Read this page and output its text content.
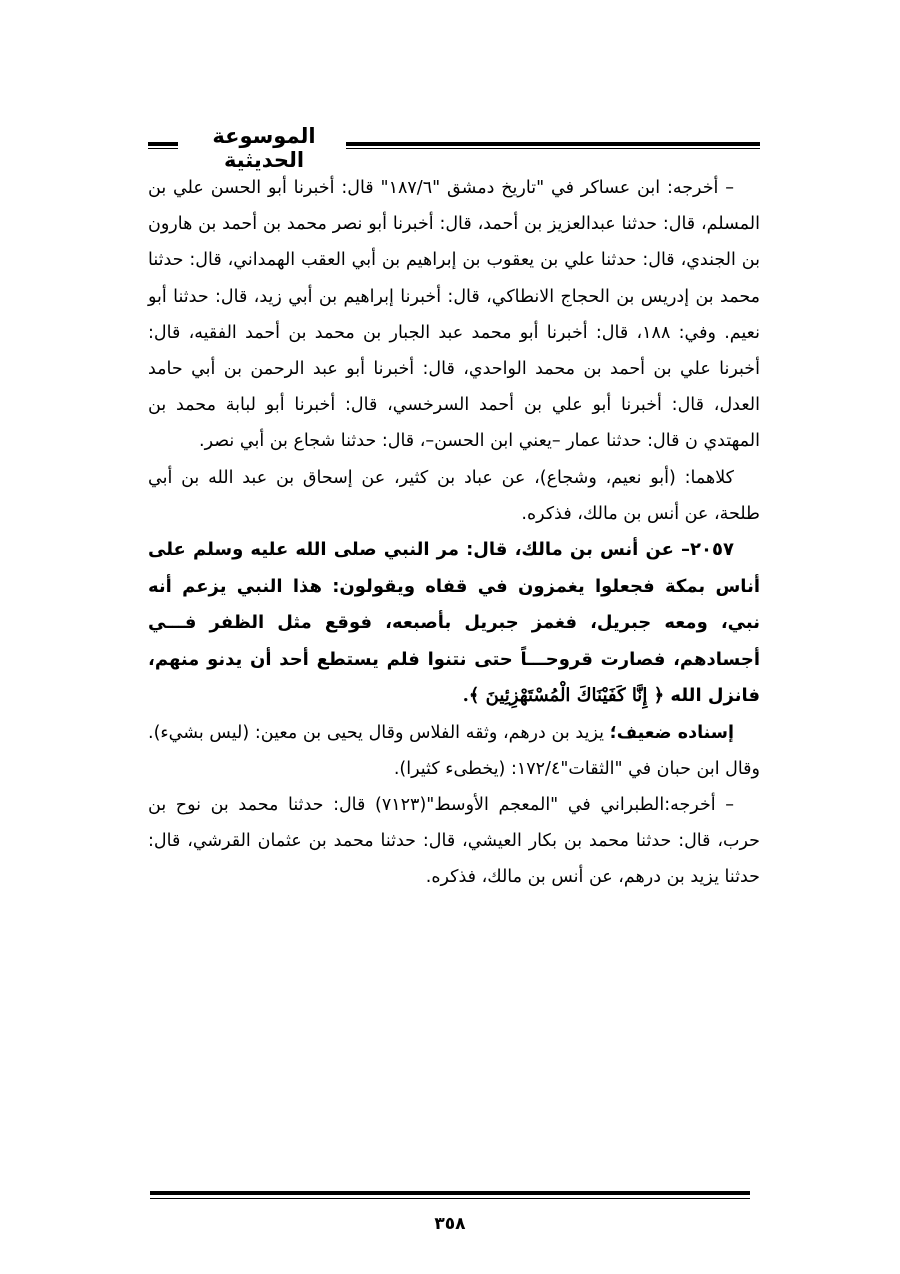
الموسوعة الحديثية

– أخرجه: ابن عساكر في "تاريخ دمشق "١٨٧/٦" قال: أخبرنا أبو الحسن علي بن المسلم، قال: حدثنا عبدالعزيز بن أحمد، قال: أخبرنا أبو نصر محمد بن أحمد بن هارون بن الجندي، قال: حدثنا علي بن يعقوب بن إبراهيم بن أبي العقب الهمداني، قال: حدثنا محمد بن إدريس بن الحجاج الانطاكي، قال: أخبرنا إبراهيم بن أبي زيد، قال: حدثنا أبو نعيم. وفي: ١٨٨، قال: أخبرنا أبو محمد عبد الجبار بن محمد بن أحمد الفقيه، قال: أخبرنا علي بن أحمد بن محمد الواحدي، قال: أخبرنا أبو عبد الرحمن بن أبي حامد العدل، قال: أخبرنا أبو علي بن أحمد السرخسي، قال: أخبرنا أبو لبابة محمد بن المهتدي ن قال: حدثنا عمار –يعني ابن الحسن–، قال: حدثنا شجاع بن أبي نصر.

كلاهما: (أبو نعيم، وشجاع)، عن عباد بن كثير، عن إسحاق بن عبد الله بن أبي طلحة، عن أنس بن مالك، فذكره.

٢٠٥٧– عن أنس بن مالك، قال: مر النبي صلى الله عليه وسلم على أناس بمكة فجعلوا يغمزون في قفاه ويقولون: هذا النبي يزعم أنه نبي، ومعه جبريل، فغمز جبريل بأصبعه، فوقع مثل الظفر فـــي أجسادهم، فصارت قروحـــاً حتى نتنوا فلم يستطع أحد أن يدنو منهم، فانزل الله ﴿ إِنَّا كَفَيْنَاكَ الْمُسْتَهْزِئِينَ ﴾.

إسناده ضعيف؛ يزيد بن درهم، وثقه الفلاس وقال يحيى بن معين: (ليس بشيء). وقال ابن حبان في "الثقات"١٧٢/٤: (يخطىء كثيرا).

– أخرجه:الطبراني في "المعجم الأوسط"(٧١٢٣) قال: حدثنا محمد بن نوح بن حرب، قال: حدثنا محمد بن بكار العيشي، قال: حدثنا محمد بن عثمان القرشي، قال: حدثنا يزيد بن درهم، عن أنس بن مالك، فذكره.

٣٥٨
